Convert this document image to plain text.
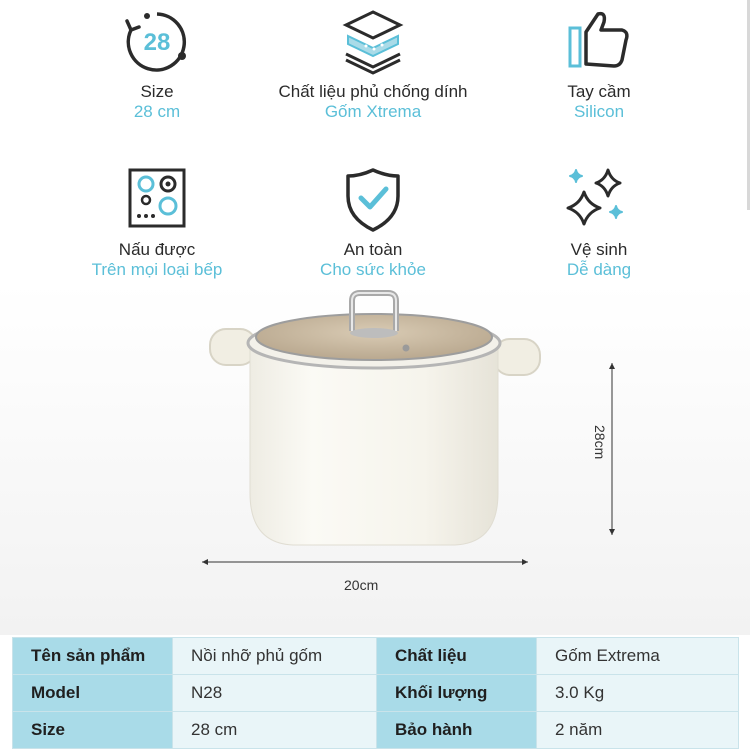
28
Size
28 cm
Chất liệu phủ chống dính
Gốm Xtrema
Tay cầm
Silicon
Nấu được
Trên mọi loại bếp
An toàn
Cho sức khỏe
Vệ sinh
Dễ dàng
20cm
28cm
Tên sản phẩm	Nồi nhỡ phủ gốm	Chất liệu	Gốm Extrema
Model	N28	Khối lượng	3.0 Kg
Size	28 cm	Bảo hành	2 năm
